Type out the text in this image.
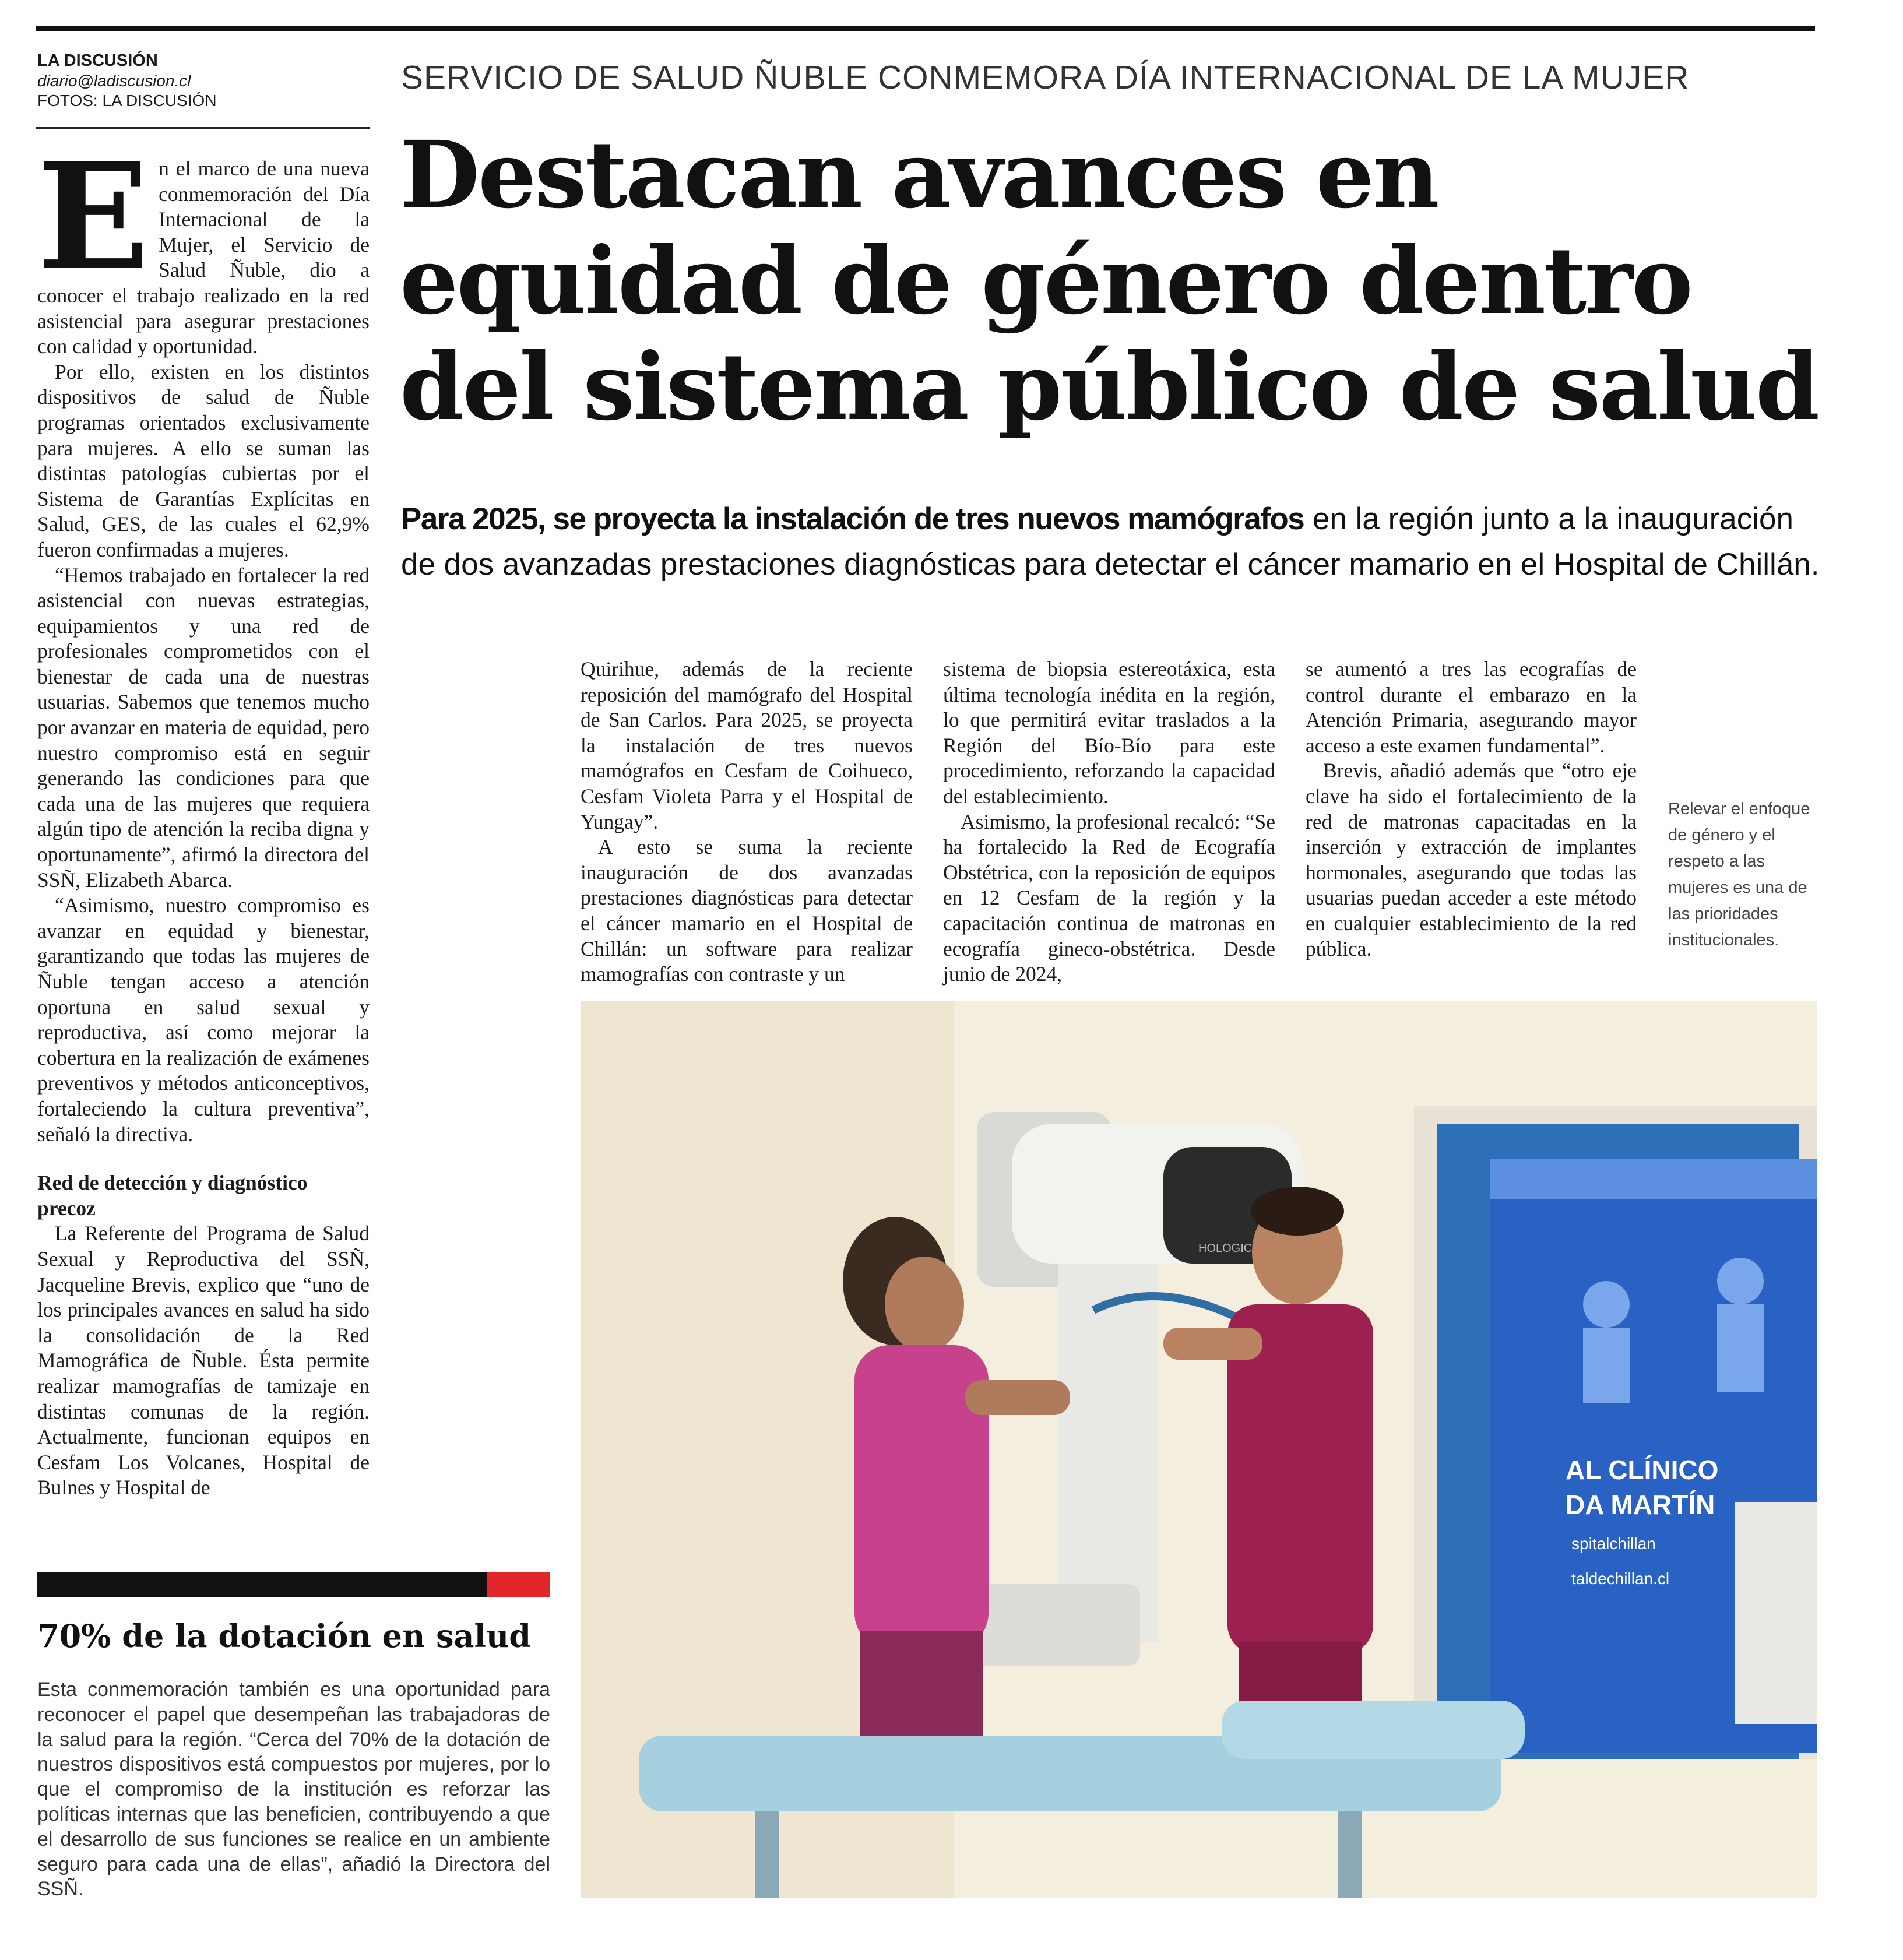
LA DISCUSIÓN
diario@ladiscusion.cl
FOTOS: LA DISCUSIÓN
SERVICIO DE SALUD ÑUBLE CONMEMORA DÍA INTERNACIONAL DE LA MUJER
Destacan avances en
equidad de género dentro
del sistema público de salud
Para 2025, se proyecta la instalación de tres nuevos mamógrafos en la región junto a la inauguración
de dos avanzadas prestaciones diagnósticas para detectar el cáncer mamario en el Hospital de Chillán.
E n el marco de una nueva conmemoración del Día Internacional de la Mujer, el Servicio de Salud Ñuble, dio a conocer el trabajo realizado en la red asistencial para asegurar prestaciones con calidad y oportunidad.

Por ello, existen en los distintos dispositivos de salud de Ñuble programas orientados exclusivamente para mujeres. A ello se suman las distintas patologías cubiertas por el Sistema de Garantías Explícitas en Salud, GES, de las cuales el 62,9% fueron confirmadas a mujeres.

“Hemos trabajado en fortalecer la red asistencial con nuevas estrategias, equipamientos y una red de profesionales comprometidos con el bienestar de cada una de nuestras usuarias. Sabemos que tenemos mucho por avanzar en materia de equidad, pero nuestro compromiso está en seguir generando las condiciones para que cada una de las mujeres que requiera algún tipo de atención la reciba digna y oportunamente”, afirmó la directora del SSÑ, Elizabeth Abarca.

“Asimismo, nuestro compromiso es avanzar en equidad y bienestar, garantizando que todas las mujeres de Ñuble tengan acceso a atención oportuna en salud sexual y reproductiva, así como mejorar la cobertura en la realización de exámenes preventivos y métodos anticonceptivos, fortaleciendo la cultura preventiva”, señaló la directiva.

Red de detección y diagnóstico precoz

La Referente del Programa de Salud Sexual y Reproductiva del SSÑ, Jacqueline Brevis, explico que “uno de los principales avances en salud ha sido la consolidación de la Red Mamográfica de Ñuble. Ésta permite realizar mamografías de tamizaje en distintas comunas de la región. Actualmente, funcionan equipos en Cesfam Los Volcanes, Hospital de Bulnes y Hospital de

Quirihue, además de la reciente reposición del mamógrafo del Hospital de San Carlos. Para 2025, se proyecta la instalación de tres nuevos mamógrafos en Cesfam de Coihueco, Cesfam Violeta Parra y el Hospital de Yungay”.

A esto se suma la reciente inauguración de dos avanzadas prestaciones diagnósticas para detectar el cáncer mamario en el Hospital de Chillán: un software para realizar mamografías con contraste y un

sistema de biopsia estereotáxica, esta última tecnología inédita en la región, lo que permitirá evitar traslados a la Región del Bío-Bío para este procedimiento, reforzando la capacidad del establecimiento.

Asimismo, la profesional recalcó: “Se ha fortalecido la Red de Ecografía Obstétrica, con la reposición de equipos en 12 Cesfam de la región y la capacitación continua de matronas en ecografía gineco-obstétrica. Desde junio de 2024,

se aumentó a tres las ecografías de control durante el embarazo en la Atención Primaria, asegurando mayor acceso a este examen fundamental”.

Brevis, añadió además que “otro eje clave ha sido el fortalecimiento de la red de matronas capacitadas en la inserción y extracción de implantes hormonales, asegurando que todas las usuarias puedan acceder a este método en cualquier establecimiento de la red pública.

Relevar el enfoque de género y el respeto a las mujeres es una de las prioridades institucionales.
AL CLÍNICO
DA MARTÍN
spitalchillan
taldechillan.cl
HOLOGIC
70% de la dotación en salud
Esta conmemoración también es una oportunidad para reconocer el papel que desempeñan las trabajadoras de la salud para la región. “Cerca del 70% de la dotación de nuestros dispositivos está compuestos por mujeres, por lo que el compromiso de la institución es reforzar las políticas internas que las beneficien, contribuyendo a que el desarrollo de sus funciones se realice en un ambiente seguro para cada una de ellas”, añadió la Directora del SSÑ.
